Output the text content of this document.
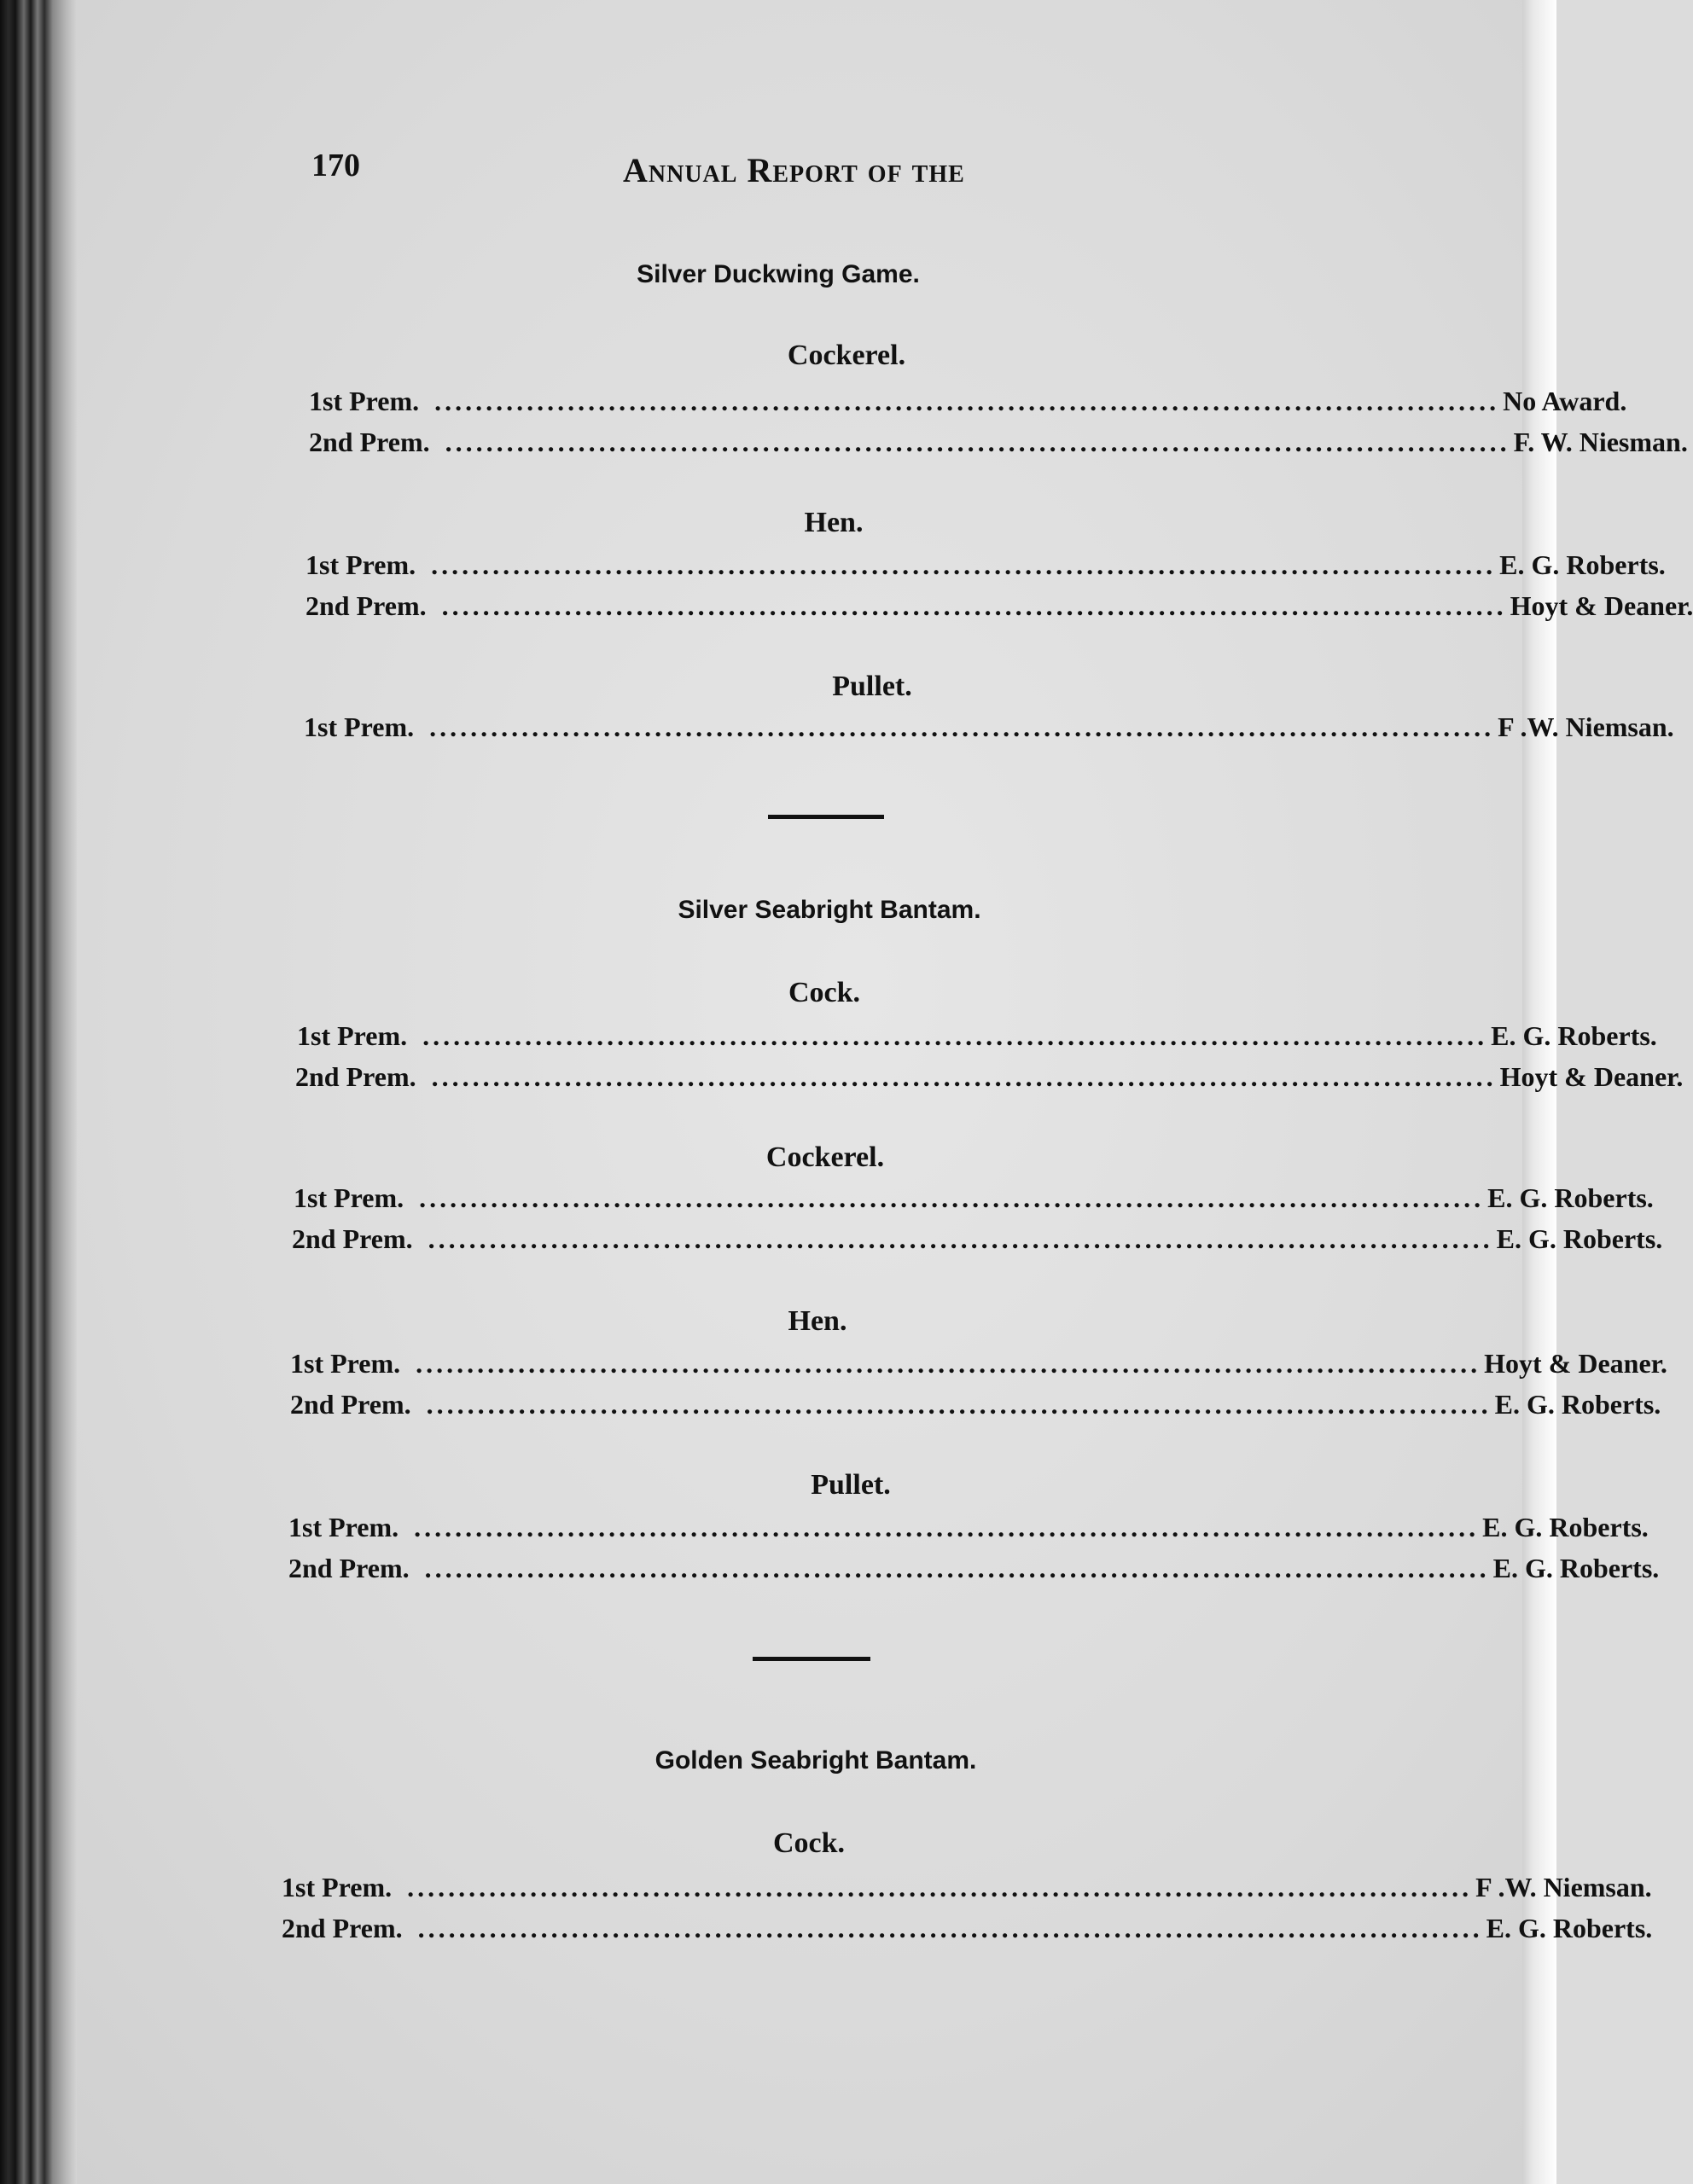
170	Annual Report of the
Silver Duckwing Game.
Cockerel.
1st Prem. ........................................................................................................ No Award.
2nd Prem. ........................................................................................................ F. W. Niesman.
Hen.
1st Prem. ........................................................................................................ E. G. Roberts.
2nd Prem. ........................................................................................................ Hoyt & Deaner.
Pullet.
1st Prem. ........................................................................................................ F .W. Niemsan.
Silver Seabright Bantam.
Cock.
1st Prem. ........................................................................................................ E. G. Roberts.
2nd Prem. ........................................................................................................ Hoyt & Deaner.
Cockerel.
1st Prem. ........................................................................................................ E. G. Roberts.
2nd Prem. ........................................................................................................ E. G. Roberts.
Hen.
1st Prem. ........................................................................................................ Hoyt & Deaner.
2nd Prem. ........................................................................................................ E. G. Roberts.
Pullet.
1st Prem. ........................................................................................................ E. G. Roberts.
2nd Prem. ........................................................................................................ E. G. Roberts.
Golden Seabright Bantam.
Cock.
1st Prem. ........................................................................................................ F .W. Niemsan.
2nd Prem. ........................................................................................................ E. G. Roberts.
